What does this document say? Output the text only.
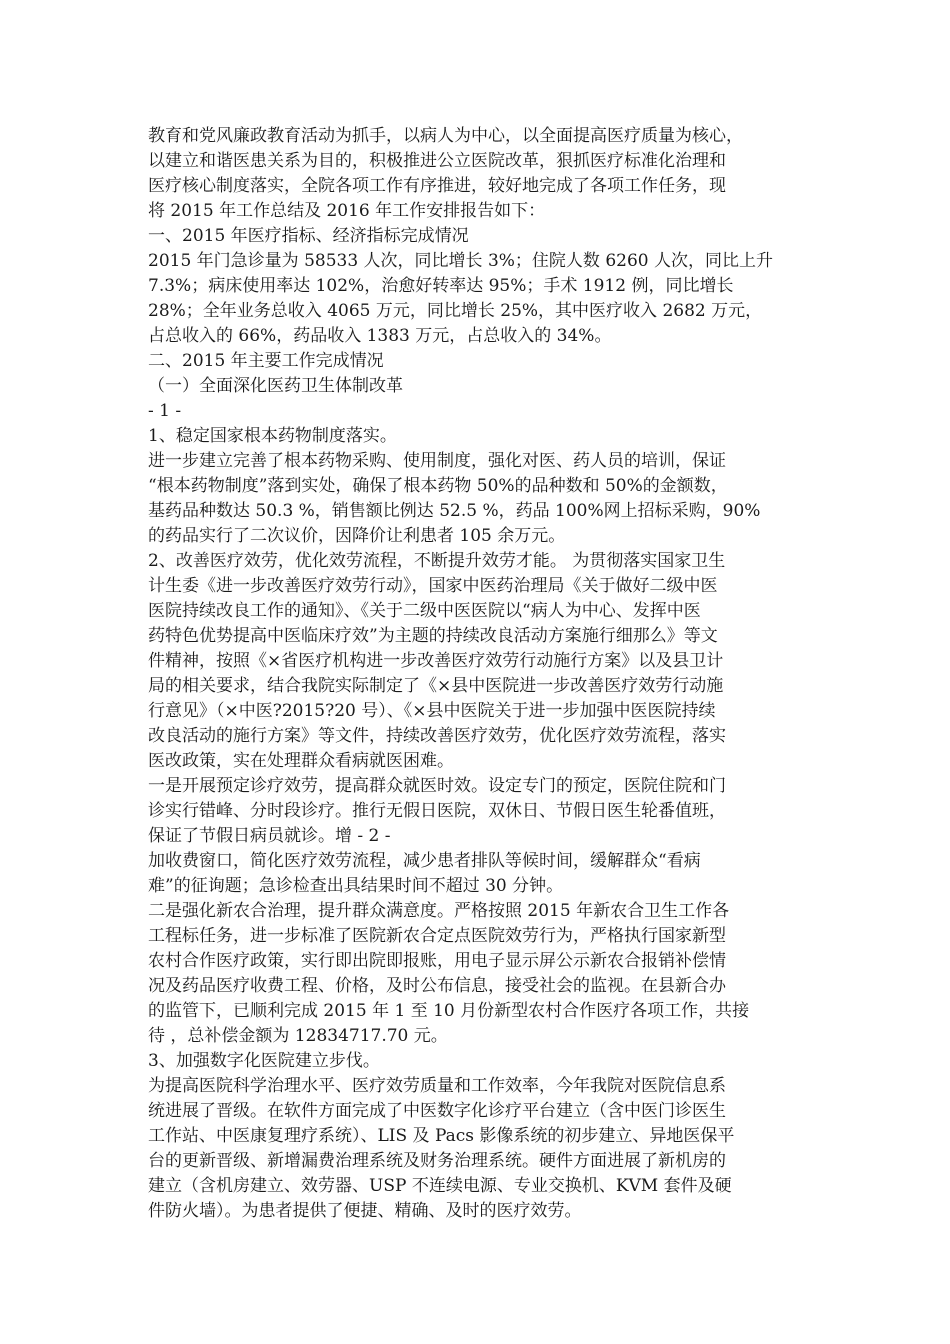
教育和党风廉政教育活动为抓手，以病人为中心，以全面提高医疗质量为核心，
以建立和谐医患关系为目的，积极推进公立医院改革，狠抓医疗标准化治理和
医疗核心制度落实，全院各项工作有序推进，较好地完成了各项工作任务，现
将 2015 年工作总结及 2016 年工作安排报告如下：
一、2015 年医疗指标、经济指标完成情况
2015 年门急诊量为 58533 人次，同比增长 3%；住院人数 6260 人次，同比上升
7.3%；病床使用率达 102%，治愈好转率达 95%；手术 1912 例，同比增长
28%；全年业务总收入 4065 万元，同比增长 25%，其中医疗收入 2682 万元，
占总收入的 66%，药品收入 1383 万元，占总收入的 34%。
二、2015 年主要工作完成情况
（一）全面深化医药卫生体制改革
- 1 -
1、稳定国家根本药物制度落实。
进一步建立完善了根本药物采购、使用制度，强化对医、药人员的培训，保证
“根本药物制度”落到实处，确保了根本药物 50%的品种数和 50%的金额数，
基药品种数达 50.3 %，销售额比例达 52.5 %，药品 100%网上招标采购，90%
的药品实行了二次议价，因降价让利患者 105 余万元。
2、改善医疗效劳，优化效劳流程，不断提升效劳才能。 为贯彻落实国家卫生
计生委《进一步改善医疗效劳行动》，国家中医药治理局《关于做好二级中医
医院持续改良工作的通知》、《关于二级中医医院以“病人为中心、发挥中医
药特色优势提高中医临床疗效”为主题的持续改良活动方案施行细那么》等文
件精神，按照《×省医疗机构进一步改善医疗效劳行动施行方案》以及县卫计
局的相关要求，结合我院实际制定了《×县中医院进一步改善医疗效劳行动施
行意见》（×中医?2015?20 号）、《×县中医院关于进一步加强中医医院持续
改良活动的施行方案》等文件，持续改善医疗效劳，优化医疗效劳流程，落实
医改政策，实在处理群众看病就医困难。
一是开展预定诊疗效劳，提高群众就医时效。设定专门的预定，医院住院和门
诊实行错峰、分时段诊疗。推行无假日医院，双休日、节假日医生轮番值班，
保证了节假日病员就诊。增 - 2 -
加收费窗口，简化医疗效劳流程，减少患者排队等候时间，缓解群众“看病
难”的征询题；急诊检查出具结果时间不超过 30 分钟。
二是强化新农合治理，提升群众满意度。严格按照 2015 年新农合卫生工作各
工程标任务，进一步标准了医院新农合定点医院效劳行为，严格执行国家新型
农村合作医疗政策，实行即出院即报账，用电子显示屏公示新农合报销补偿情
况及药品医疗收费工程、价格，及时公布信息，接受社会的监视。在县新合办
的监管下，已顺利完成 2015 年 1 至 10 月份新型农村合作医疗各项工作，共接
待 ，总补偿金额为 12834717.70 元。
3、加强数字化医院建立步伐。
为提高医院科学治理水平、医疗效劳质量和工作效率，今年我院对医院信息系
统进展了晋级。在软件方面完成了中医数字化诊疗平台建立（含中医门诊医生
工作站、中医康复理疗系统）、LIS 及 Pacs 影像系统的初步建立、异地医保平
台的更新晋级、新增漏费治理系统及财务治理系统。硬件方面进展了新机房的
建立（含机房建立、效劳器、USP 不连续电源、专业交换机、KVM 套件及硬
件防火墙）。为患者提供了便捷、精确、及时的医疗效劳。
